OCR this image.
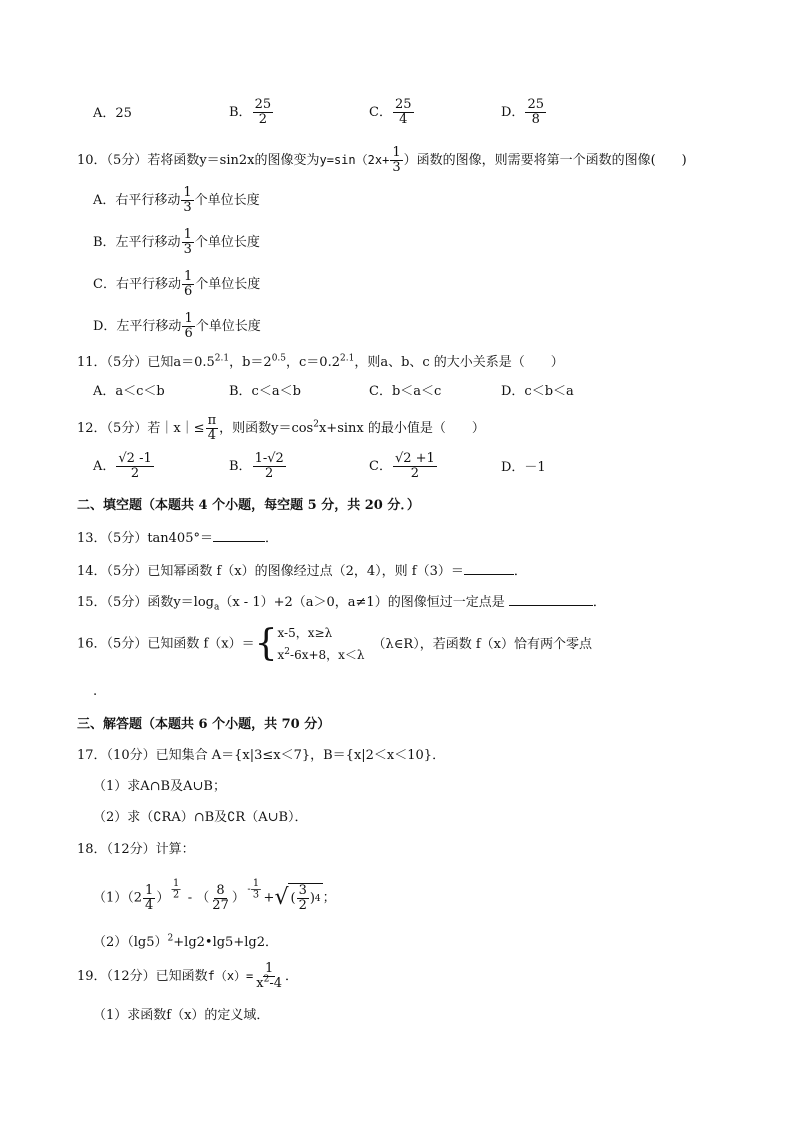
A．25	B． $\frac{25}{2}$	C． $\frac{25}{4}$	D． $\frac{25}{8}$
10．（5分）若将函数y＝sin2x的图像变为$y=\sin(2x+ \frac{1}{3}$ ）函数的图像，则需要将第一个函数的图像(　　)
A．右平行移动 $\frac{1}{3}$ 个单位长度
B．左平行移动 $\frac{1}{3}$ 个单位长度
C．右平行移动 $\frac{1}{6}$ 个单位长度
D．左平行移动 $\frac{1}{6}$ 个单位长度
11．（5分）已知$a=0.5^{2.1}$，$b=2^{0.5}$，$c=0.2^{2.1}$，则a、b、c 的大小关系是（　　）
A．a＜c＜b	B．c＜a＜b	C．b＜a＜c	D．c＜b＜a
12．（5分）若｜x｜≤ $\frac{\pi}{4}$ ，则函数$y=\cos^2x+\sin x$ 的最小值是（　　）
A． $\frac{√2 -1}{2}$	B． $\frac{1-√2}{2}$	C． $\frac{√2 +1}{2}$	D．－1
二、填空题（本题共 4 个小题，每空题 5 分，共 20 分．）
13．（5分）tan405°＝	．
14．（5分）已知幂函数 f（x）的图像经过点（2，4），则 f（3）＝	．
15．（5分）函数$y=\log_a(x - 1)+2(a>0$，a≠1）的图像恒过一定点是	．
16．（5分）已知函数 f（x）＝{ x-5，x≥λ
$x^2-6x+8$，x＜λ
（λ∈R），若函数 f（x）恰有两个零点
.
三、解答题（本题共 6 个小题，共 70 分）
17．（10分）已知集合 A＝{x|3≤x＜7}，B＝{x|2＜x＜10}．
（1）求A∩B及A∪B；
（2）求（∁RA）∩B及∁R（A∪B）．
18．（12分）计算：
$(1)(2 \frac{1}{4}$ ） $\frac{1}{2}$ - （ $\frac{8}{27}$ ）
- $\frac{1}{3}$ + √ ( $\frac{3}{2}$ ) 4 ；
$(2)(\lg 5)^2+\lg 2•\lg 5+\lg 2$．
19．（12分）已知函数$f(x)= \frac{1}{x^2-4}$ ．
（1）求函数f（x）的定义域．
